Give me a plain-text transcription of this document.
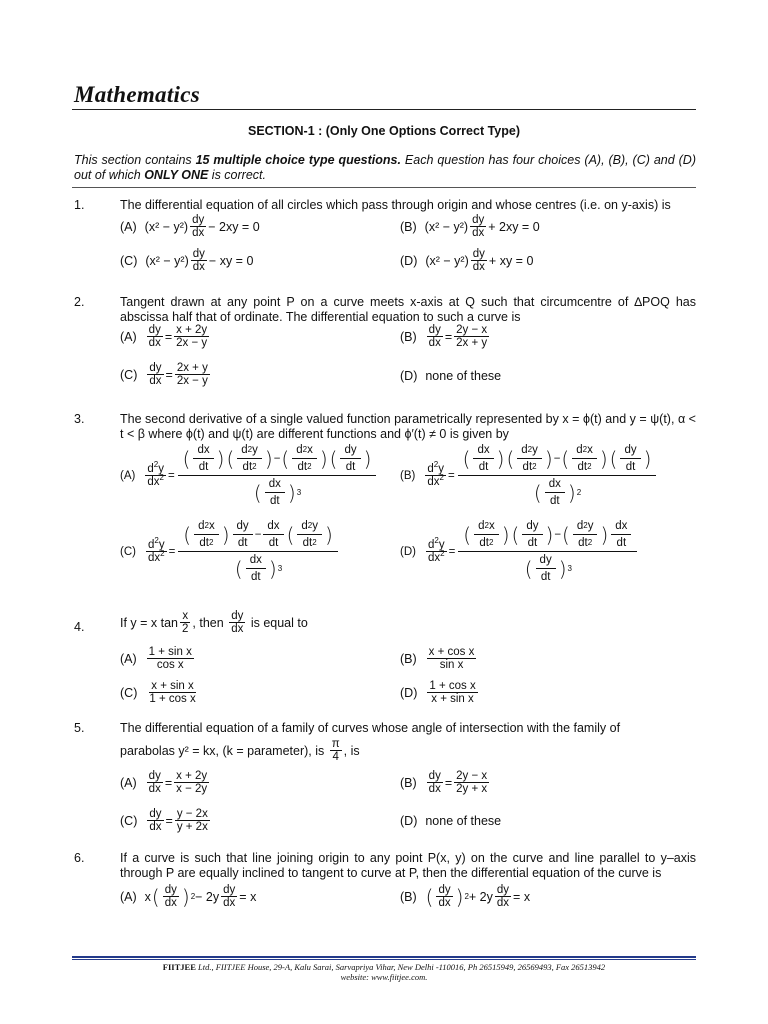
Mathematics
SECTION-1 : (Only One Options Correct Type)
This section contains 15 multiple choice type questions. Each question has four choices (A), (B), (C) and (D) out of which ONLY ONE is correct.
1.	The differential equation of all circles which pass through origin and whose centres (i.e. on y-axis) is
(A) $(x^2 - y^2) \frac{dy}{dx} - 2xy = 0$	(B) $(x^2 - y^2) \frac{dy}{dx} + 2xy = 0$
(C) $(x^2 - y^2) \frac{dy}{dx}$ − xy = 0	(D) $(x^2 - y^2) \frac{dy}{dx}$ + xy = 0
2.	Tangent drawn at any point P on a curve meets x-axis at Q such that circumcentre of ∆POQ has abscissa half that of ordinate. The differential equation to such a curve is
$(A) \frac{dy}{dx} = \frac{x + 2y}{2x - y}$	$(B) \frac{dy}{dx} = \frac{2y - x}{2x + y}$
$(C) \frac{dy}{dx} = \frac{2x + y}{2x - y}$	(D) none of these
3.	The second derivative of a single valued function parametrically represented by x = ϕ(t) and y = ψ(t), α < t < β where ϕ(t) and ψ(t) are different functions and ϕ′(t) ≠ 0 is given by
$(A) \frac{d^2y}{dx^2}$ =
( $\frac{dx}{dt}$ ) ( $\frac{d 2 y}{dt 2}$ ) − ( $\frac{d 2 x}{dt 2}$ ) ( $\frac{dy}{dt}$ )
( $\frac{dx}{dt}$ ) 3
$(B) \frac{d^2y}{dx^2}$ =
( $\frac{dx}{dt}$ ) ( $\frac{d 2 y}{dt 2}$ ) − ( $\frac{d 2 x}{dt 2}$ ) ( $\frac{dy}{dt}$ )
( $\frac{dx}{dt}$ ) 2
$(C) \frac{d^2y}{dx^2}$ =
( $\frac{d 2 x}{dt 2}$ ) $\frac{dy}{dt} - \frac{dx}{dt}$ ( $\frac{d 2 y}{dt 2}$ )
( $\frac{dx}{dt}$ ) 3
$(D) \frac{d^2y}{dx^2}$ =
( $\frac{d 2 x}{dt 2}$ ) ( $\frac{dy}{dt}$ ) − ( $\frac{d 2 y}{dt 2}$ ) $\frac{dx}{dt}$
( $\frac{dy}{dt}$ ) 3
4.	If y = x $\tan \frac{x}{2}$ , then
$\frac{dy}{dx}$
is equal to
$(A) \frac{\text{1 + sin x}}{\text{cos x}}$	$(B) \frac{\text{x + cos x}}{\text{sin x}}$
$(C) \frac{\text{x + sin x}}{\text{1 + cos x}}$	$(D) \frac{\text{1 + cos x}}{\text{x + sin x}}$
5.	The differential equation of a family of curves whose angle of intersection with the family of
parabolas y² = kx, (k = parameter), is
$\frac{\pi}{4}$ , is
$(A) \frac{dy}{dx} = \frac{x + 2y}{x - 2y}$	$(B) \frac{dy}{dx} = \frac{2y - x}{2y + x}$
$(C) \frac{dy}{dx} = \frac{y - 2x}{y + 2x}$	(D) none of these
6.	If a curve is such that line joining origin to any point P(x, y) on the curve and line parallel to y–axis through P are equally inclined to tangent to curve at P, then the differential equation of the curve is
(A) x ( $\frac{dy}{dx}$ ) $2 - 2y \frac{dy}{dx} = x$	(B) ( $\frac{dy}{dx}$ ) $2 + 2y \frac{dy}{dx} = x$
FIITJEE Ltd., FIITJEE House, 29-A, Kalu Sarai, Sarvapriya Vihar, New Delhi -110016, Ph 26515949, 26569493, Fax 26513942
website: www.fiitjee.com.
